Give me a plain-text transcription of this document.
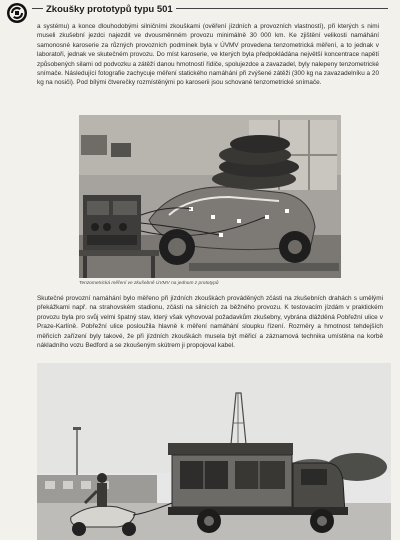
Zkoušky prototypů typu 501
a systému) a konce dlouhodobými silničními zkouškami (ověření jízdních a provozních vlastností), při kterých s nimi museli zkušební jezdci najezdit ve dvousměnném provozu minimálně 30 000 km. Ke zjištění velikosti namáhání samonosné karoserie za různých provozních podmínek byla v ÚVMV provedena tenzometrická měření, a to jednak v laboratoři, jednak ve skutečném provozu. Do míst karoserie, ve kterých byla předpokládána největší koncentrace napětí způsobených silami od podvozku a zátěží danou hmotností řidiče, spolujezdce a zavazadel, byly nalepeny tenzometrické snímače. Následující fotografie zachycuje měření statického namáhání při zvýšené zátěži (300 kg na zavazadelníku a 20 kg na nosiči). Pod bílými čtverečky rozmístěnými po karoserii jsou schované tenzometrické snímače.
Tenzometrická měření ve zkušebně ÚVMV na jednom z prototypů
Skutečné provozní namáhání bylo měřeno při jízdních zkouškách prováděných zčásti na zkušebních drahách s umělými překážkami např. na strahovském stadionu, zčásti na silnicích za běžného provozu. K testovacím jízdám v praktickém provozu byla pro svůj velmi špatný stav, který však vyhovoval požadavkům zkušebny, vybrána dlážděná Pobřežní ulice v Praze-Karlíně. Pobřežní ulice posloužila hlavně k měření namáhání sloupku řízení. Rozměry a hmotnost tehdejších měřicích zařízení byly takové, že při jízdních zkouškách musela být měřicí a záznamová technika umístěna na korbě nákladního vozu Bedford a se zkoušeným skútrem ji propojoval kabel.
